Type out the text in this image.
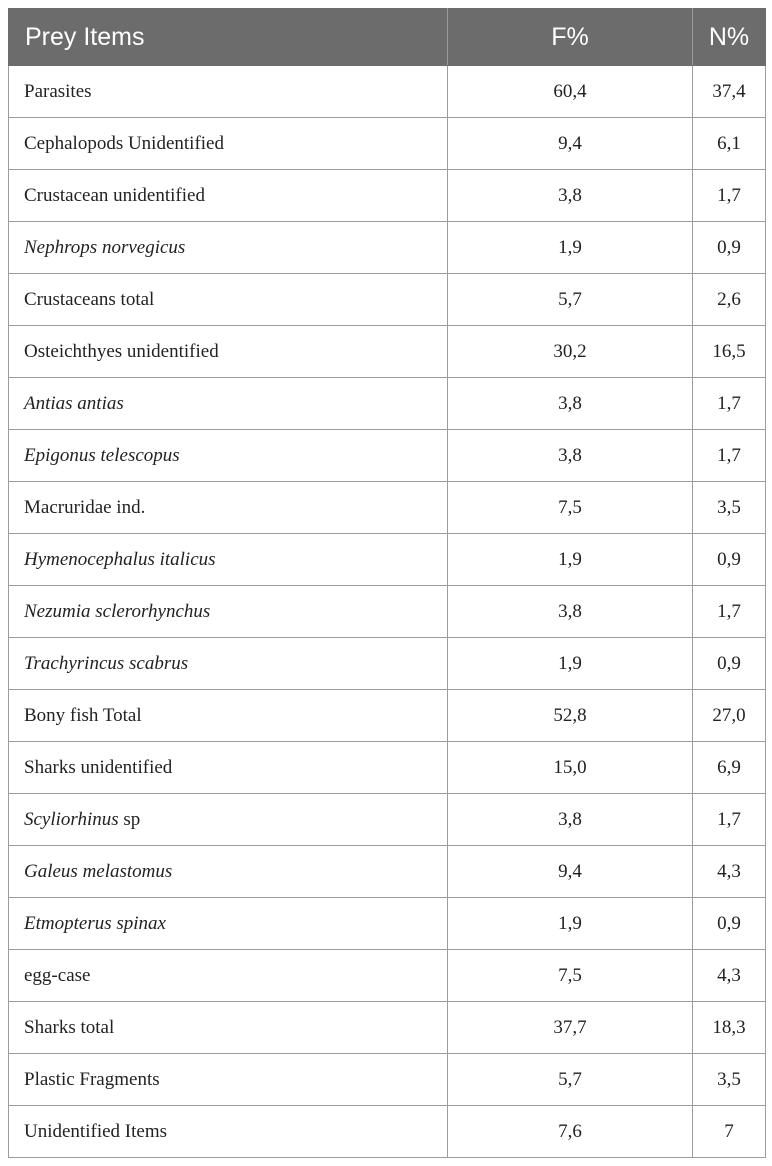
Prey Items	F%	N%
Parasites	60,4	37,4
Cephalopods Unidentified	9,4	6,1
Crustacean unidentified	3,8	1,7
Nephrops norvegicus	1,9	0,9
Crustaceans total	5,7	2,6
Osteichthyes unidentified	30,2	16,5
Antias antias	3,8	1,7
Epigonus telescopus	3,8	1,7
Macruridae ind.	7,5	3,5
Hymenocephalus italicus	1,9	0,9
Nezumia sclerorhynchus	3,8	1,7
Trachyrincus scabrus	1,9	0,9
Bony fish Total	52,8	27,0
Sharks unidentified	15,0	6,9
Scyliorhinus sp	3,8	1,7
Galeus melastomus	9,4	4,3
Etmopterus spinax	1,9	0,9
egg-case	7,5	4,3
Sharks total	37,7	18,3
Plastic Fragments	5,7	3,5
Unidentified Items	7,6	7
